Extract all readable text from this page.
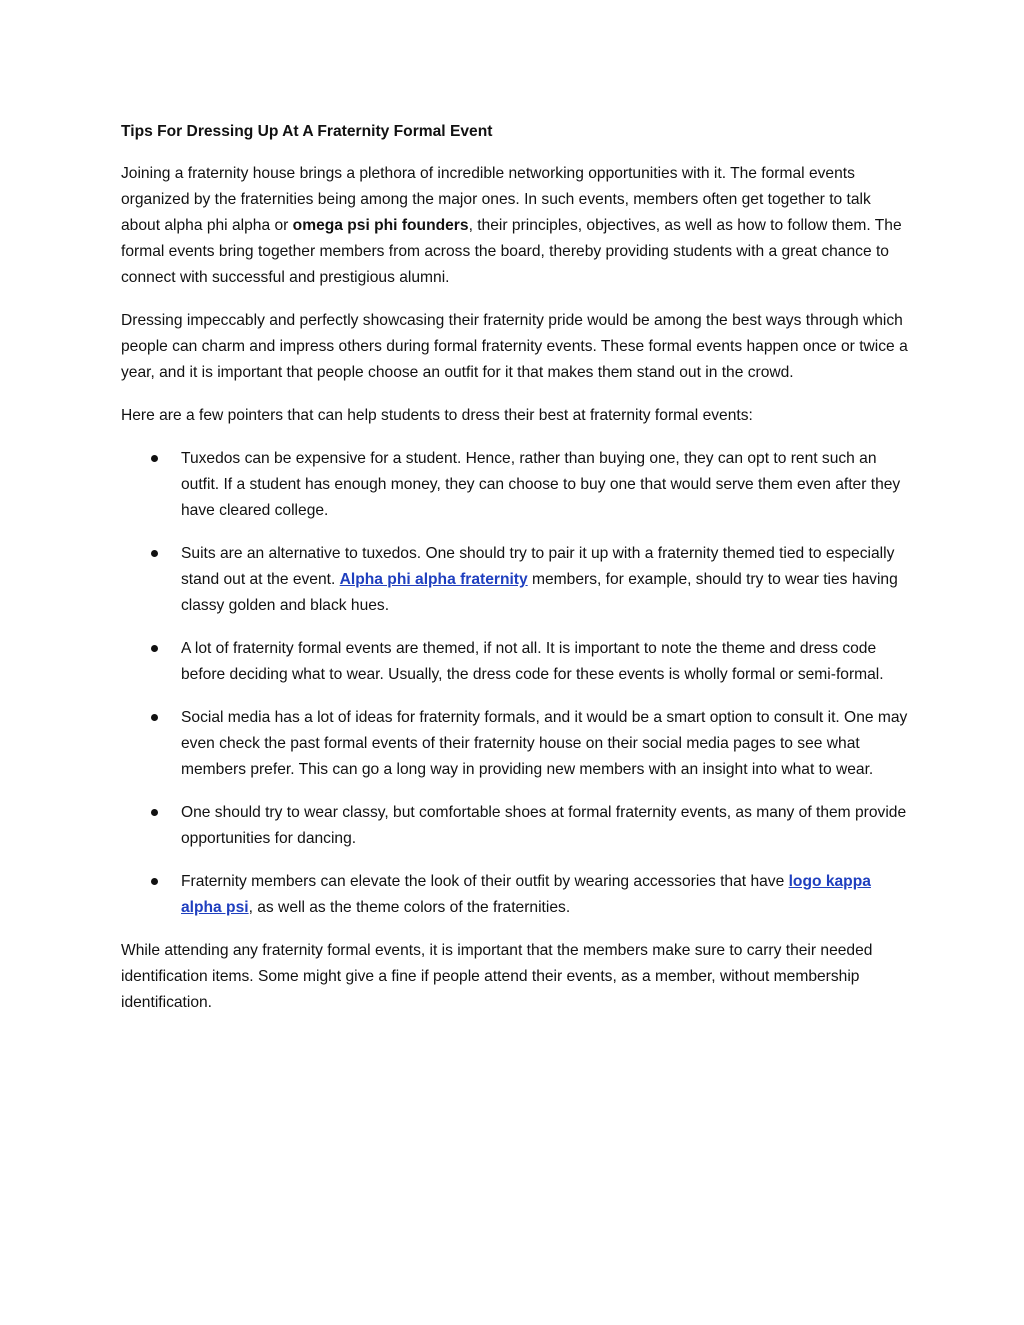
Tips For Dressing Up At A Fraternity Formal Event

Joining a fraternity house brings a plethora of incredible networking opportunities with it. The formal events organized by the fraternities being among the major ones. In such events, members often get together to talk about alpha phi alpha or omega psi phi founders, their principles, objectives, as well as how to follow them. The formal events bring together members from across the board, thereby providing students with a great chance to connect with successful and prestigious alumni.

Dressing impeccably and perfectly showcasing their fraternity pride would be among the best ways through which people can charm and impress others during formal fraternity events. These formal events happen once or twice a year, and it is important that people choose an outfit for it that makes them stand out in the crowd.

Here are a few pointers that can help students to dress their best at fraternity formal events:

Tuxedos can be expensive for a student. Hence, rather than buying one, they can opt to rent such an outfit. If a student has enough money, they can choose to buy one that would serve them even after they have cleared college.
Suits are an alternative to tuxedos. One should try to pair it up with a fraternity themed tied to especially stand out at the event. Alpha phi alpha fraternity members, for example, should try to wear ties having classy golden and black hues.
A lot of fraternity formal events are themed, if not all. It is important to note the theme and dress code before deciding what to wear. Usually, the dress code for these events is wholly formal or semi-formal.
Social media has a lot of ideas for fraternity formals, and it would be a smart option to consult it. One may even check the past formal events of their fraternity house on their social media pages to see what members prefer. This can go a long way in providing new members with an insight into what to wear.
One should try to wear classy, but comfortable shoes at formal fraternity events, as many of them provide opportunities for dancing.
Fraternity members can elevate the look of their outfit by wearing accessories that have logo kappa alpha psi, as well as the theme colors of the fraternities.

While attending any fraternity formal events, it is important that the members make sure to carry their needed identification items. Some might give a fine if people attend their events, as a member, without membership identification.
